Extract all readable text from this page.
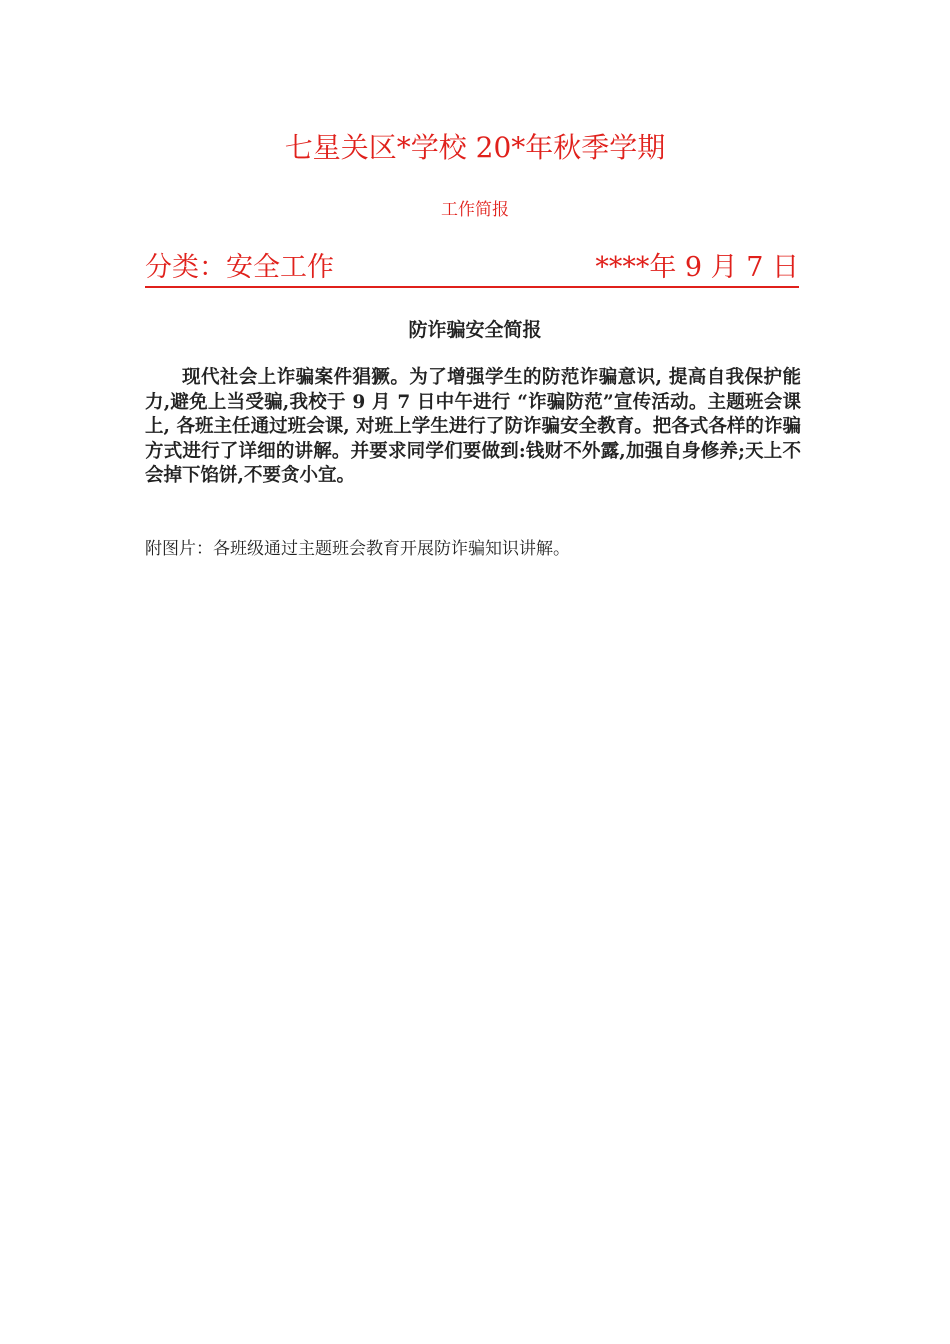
七星关区*学校 20*年秋季学期
工作简报
分类：安全工作	****年 9 月 7 日
防诈骗安全简报

现代社会上诈骗案件猖獗。为了增强学生的防范诈骗意识, 提高自我保护能力,避免上当受骗,我校于 9 月 7 日中午进行 “诈骗防范”宣传活动。主题班会课上, 各班主任通过班会课, 对班上学生进行了防诈骗安全教育。把各式各样的诈骗方式进行了详细的讲解。并要求同学们要做到:钱财不外露,加强自身修养;天上不会掉下馅饼,不要贪小宜。

附图片：各班级通过主题班会教育开展防诈骗知识讲解。
